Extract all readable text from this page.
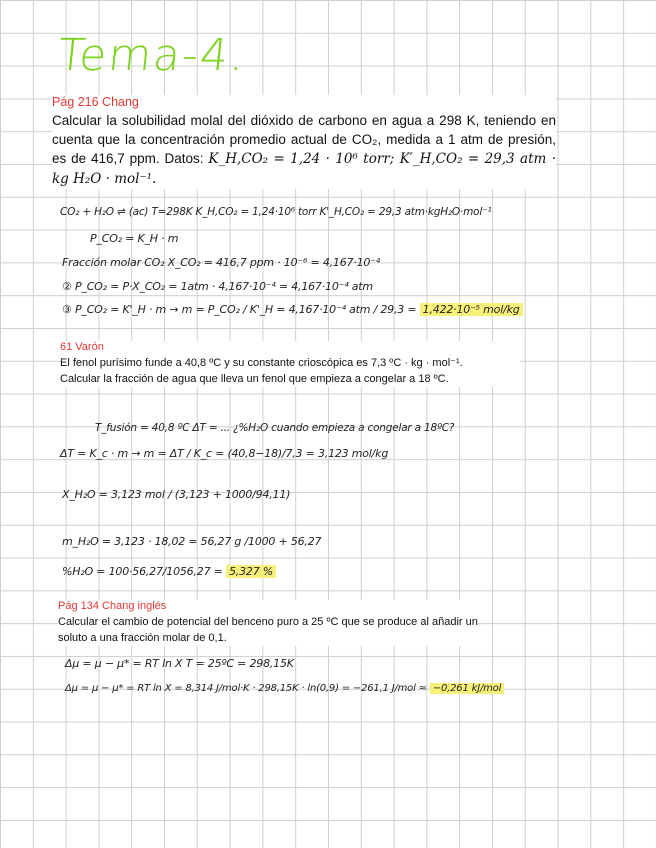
Tema-4.
Pág 216 Chang
Calcular la solubilidad molal del dióxido de carbono en agua a 298 K, teniendo en cuenta que la concentración promedio actual de CO₂, medida a 1 atm de presión, es de 416,7 ppm. Datos: K_H,CO₂ = 1,24 · 10⁶ torr; K′_H,CO₂ = 29,3 atm · kg H₂O · mol⁻¹.
CO₂ + H₂O ⇌ (ac) T=298K K_H,CO₂ = 1,24·10⁶ torr K'_H,CO₂ = 29,3 atm·kgH₂O·mol⁻¹
P_CO₂ = K_H · m
Fracción molar CO₂ X_CO₂ = 416,7 ppm · 10⁻⁶ = 4,167·10⁻⁴
② P_CO₂ = P·X_CO₂ = 1atm · 4,167·10⁻⁴ = 4,167·10⁻⁴ atm
③ P_CO₂ = K'_H · m → m = P_CO₂ / K'_H = 4,167·10⁻⁴ atm / 29,3 = 1,422·10⁻⁵ mol/kg
61 Varón
El fenol purísimo funde a 40,8 ºC y su constante crioscópica es 7,3 ºC · kg · mol⁻¹.
Calcular la fracción de agua que lleva un fenol que empieza a congelar a 18 ºC.
T_fusión = 40,8 ºC ΔT = ... ¿%H₂O cuando empieza a congelar a 18ºC?
ΔT = K_c · m → m = ΔT / K_c = (40,8−18)/7,3 = 3,123 mol/kg
X_H₂O = 3,123 mol / (3,123 + 1000/94,11)
m_H₂O = 3,123 · 18,02 = 56,27 g /1000 + 56,27
%H₂O = 100·56,27/1056,27 = 5,327 %
Pág 134 Chang inglés
Calcular el cambio de potencial del benceno puro a 25 ºC que se produce al añadir un
soluto a una fracción molar de 0,1.
Δμ = μ − μ* = RT ln X T = 25ºC = 298,15K
Δμ = μ − μ* = RT ln X = 8,314 J/mol·K · 298,15K · ln(0,9) = −261,1 J/mol ≈ −0,261 kJ/mol
